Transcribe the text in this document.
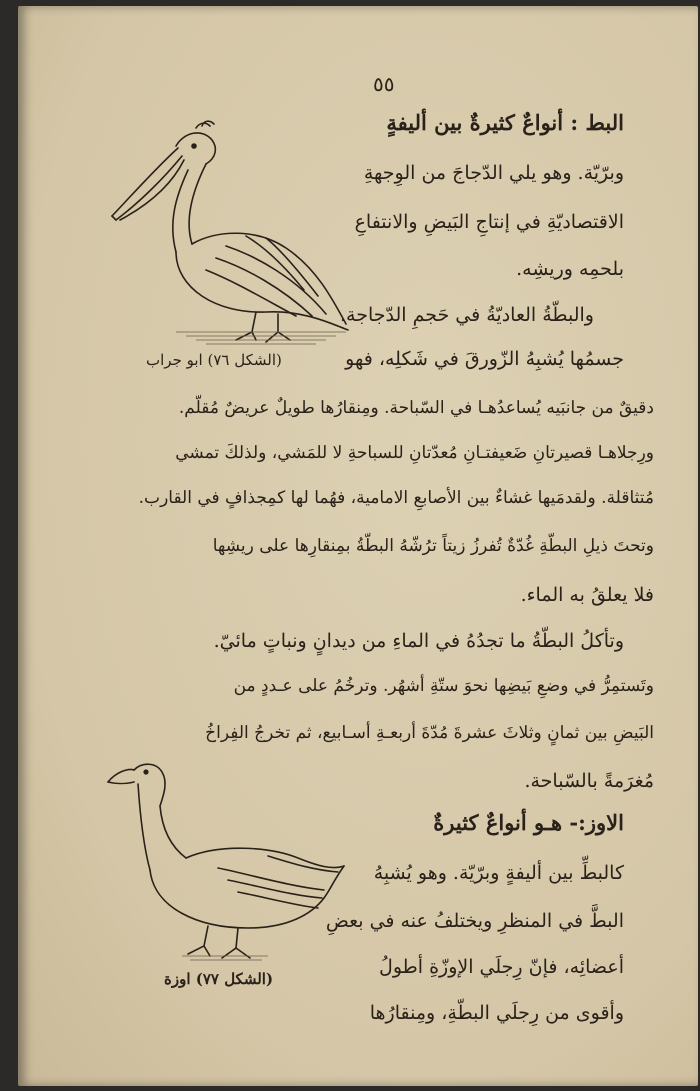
٥٥
(الشكل ٧٦) ابو جراب
البط : أنواعٌ كثيرةٌ بين أليفةٍ
وبرّيّة. وهو يلي الدّجاجَ من الوِجهةِ
الاقتصاديّةِ في إنتاجِ البَيضِ والانتفاعِ
بلحمِه وريشِه.
والبطّةُ العاديّةُ في حَجمِ الدّجاجة.
جسمُها يُشبِهُ الزّورقَ في شَكلِه، فهو
دقيقٌ من جانبَيه يُساعدُهـا في السّباحة. ومِنقارُها طويلٌ عريضٌ مُقلّم.
ورِجلاهـا قصيرتانِ ضَعيفتـانِ مُعدّتانِ للسباحةِ لا للمَشي، ولذلكَ تمشي
مُتثاقلة. ولقدمَيها غشاءٌ بين الأصابعِ الامامية، فهُما لها كمِجذافٍ في القارب.
وتحتَ ذيلِ البطّةِ غُدّةٌ تُفرزُ زيتاً ترُشّهُ البطّةُ بمِنقارِها على ريشِها
فلا يعلقُ به الماء.
وتأكلُ البطّةُ ما تجدُهُ في الماءِ من ديدانٍ ونباتٍ مائيّ.
وتَستمِرُّ في وضعِ بَيضِها نحوَ ستّةِ أشهُر. وترخُمُ على عـددٍ من
البَيضِ بين ثمانٍ وثلاثَ عشرةَ مُدّةَ أربعـةِ أسـابيع، ثم تخرجُ الفِراخُ
مُغرَمةً بالسّباحة.
(الشكل ٧٧) اوزة
الاوز:- هـو أنواعٌ كثيرةٌ
كالبطِّ بين أليفةٍ وبرّيّة. وهو يُشبِهُ
البطَّ في المنظرِ ويختلفُ عنه في بعضِ
أعضائِه، فإنّ رِجلَي الإوزّةِ أطولُ
وأقوى من رِجلَي البطّةِ، ومِنقارُها
